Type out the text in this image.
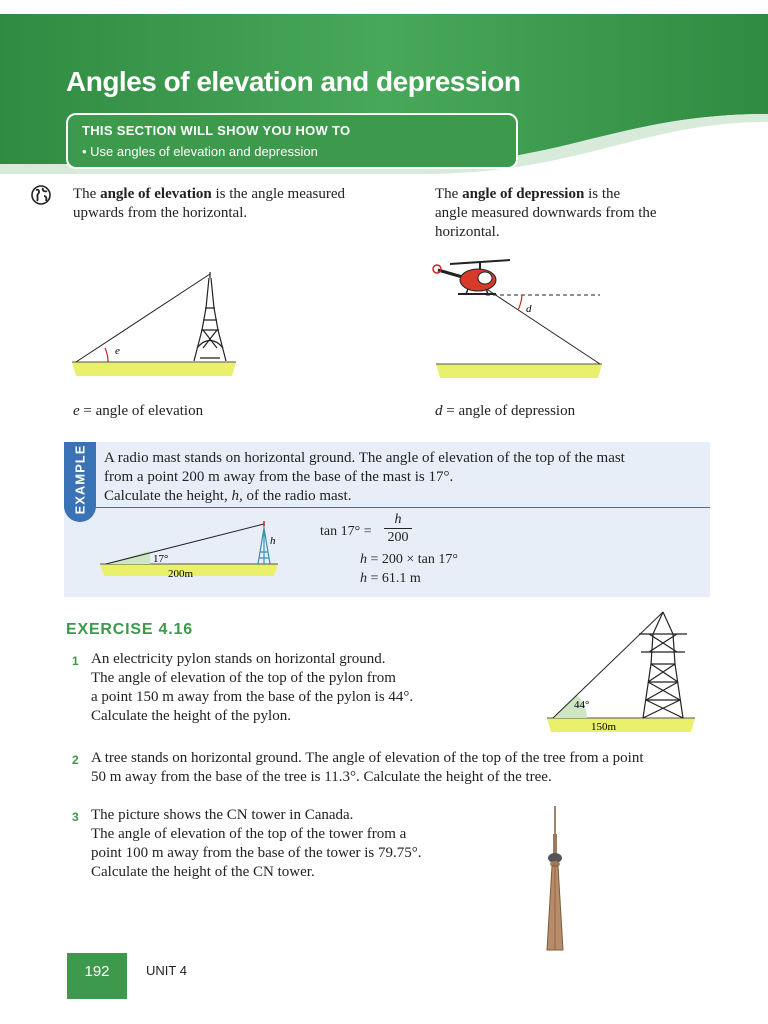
Angles of elevation and depression
THIS SECTION WILL SHOW YOU HOW TO
• Use angles of elevation and depression
The angle of elevation is the angle measured
upwards from the horizontal.
The angle of depression is the
angle measured downwards from the
horizontal.
e
e = angle of elevation
d
d = angle of depression
EXAMPLE A radio mast stands on horizontal ground. The angle of elevation of the top of the mast
from a point 200 m away from the base of the mast is 17°.
Calculate the height, h, of the radio mast.
17°
200m
h
tan 17° =
h
200
h = 200 × tan 17°
h = 61.1 m
EXERCISE 4.16
1 An electricity pylon stands on horizontal ground.
The angle of elevation of the top of the pylon from
a point 150 m away from the base of the pylon is 44°.
Calculate the height of the pylon.
44°
150m
2 A tree stands on horizontal ground. The angle of elevation of the top of the tree from a point
50 m away from the base of the tree is 11.3°. Calculate the height of the tree.
3 The picture shows the CN tower in Canada.
The angle of elevation of the top of the tower from a
point 100 m away from the base of the tower is 79.75°.
Calculate the height of the CN tower.
192	UNIT 4
